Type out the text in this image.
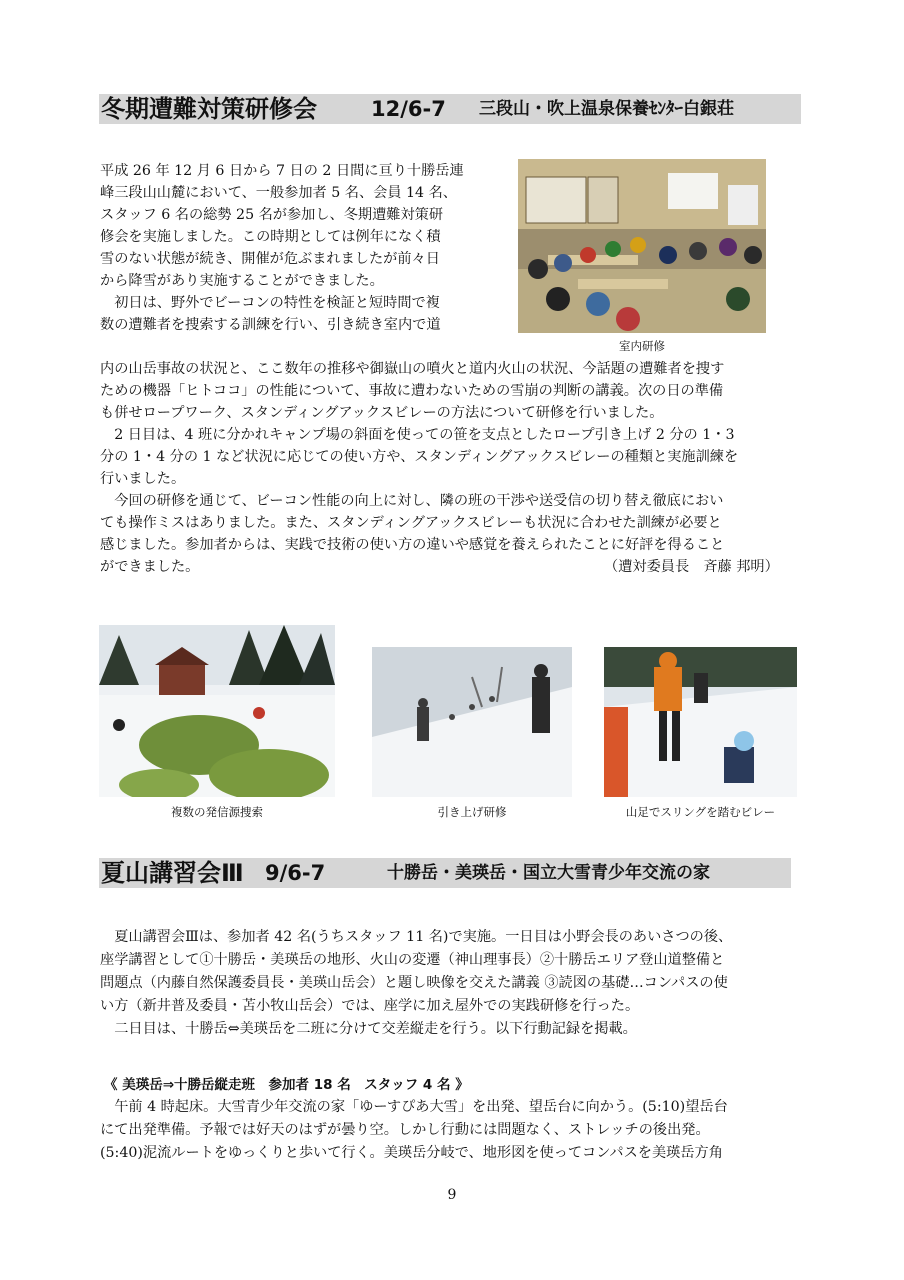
冬期遭難対策研修会	12/6-7 三段山・吹上温泉保養ｾﾝﾀｰ白銀荘
平成 26 年 12 月 6 日から 7 日の 2 日間に亘り十勝岳連
峰三段山山麓において、一般参加者 5 名、会員 14 名、
スタッフ 6 名の総勢 25 名が参加し、冬期遭難対策研
修会を実施しました。この時期としては例年になく積
雪のない状態が続き、開催が危ぶまれましたが前々日
から降雪があり実施することができました。
　初日は、野外でビーコンの特性を検証と短時間で複
数の遭難者を捜索する訓練を行い、引き続き室内で道
室内研修
内の山岳事故の状況と、ここ数年の推移や御嶽山の噴火と道内火山の状況、今話題の遭難者を捜す
ための機器「ヒトココ」の性能について、事故に遭わないための雪崩の判断の講義。次の日の準備
も併せロープワーク、スタンディングアックスビレーの方法について研修を行いました。
　2 日目は、4 班に分かれキャンプ場の斜面を使っての笹を支点としたロープ引き上げ 2 分の 1・3
分の 1・4 分の 1 など状況に応じての使い方や、スタンディングアックスビレーの種類と実施訓練を
行いました。
　今回の研修を通じて、ビーコン性能の向上に対し、隣の班の干渉や送受信の切り替え徹底におい
ても操作ミスはありました。また、スタンディングアックスビレーも状況に合わせた訓練が必要と
感じました。参加者からは、実践で技術の使い方の違いや感覚を養えられたことに好評を得ること
ができました。	（遭対委員長　斉藤 邦明）
複数の発信源捜索	引き上げ研修	山足でスリングを踏むビレー
夏山講習会Ⅲ 9/6-7	十勝岳・美瑛岳・国立大雪青少年交流の家
　夏山講習会Ⅲは、参加者 42 名(うちスタッフ 11 名)で実施。一日目は小野会長のあいさつの後、
座学講習として①十勝岳・美瑛岳の地形、火山の変遷（神山理事長）②十勝岳エリア登山道整備と
問題点（内藤自然保護委員長・美瑛山岳会）と題し映像を交えた講義 ③読図の基礎…コンパスの使
い方（新井普及委員・苫小牧山岳会）では、座学に加え屋外での実践研修を行った。
　二日目は、十勝岳⇔美瑛岳を二班に分けて交差縦走を行う。以下行動記録を掲載。
《 美瑛岳⇒十勝岳縦走班　参加者 18 名　スタッフ 4 名 》
　午前 4 時起床。大雪青少年交流の家「ゆーすぴあ大雪」を出発、望岳台に向かう。(5:10)望岳台
にて出発準備。予報では好天のはずが曇り空。しかし行動には問題なく、ストレッチの後出発。
(5:40)泥流ルートをゆっくりと歩いて行く。美瑛岳分岐で、地形図を使ってコンパスを美瑛岳方角
9
